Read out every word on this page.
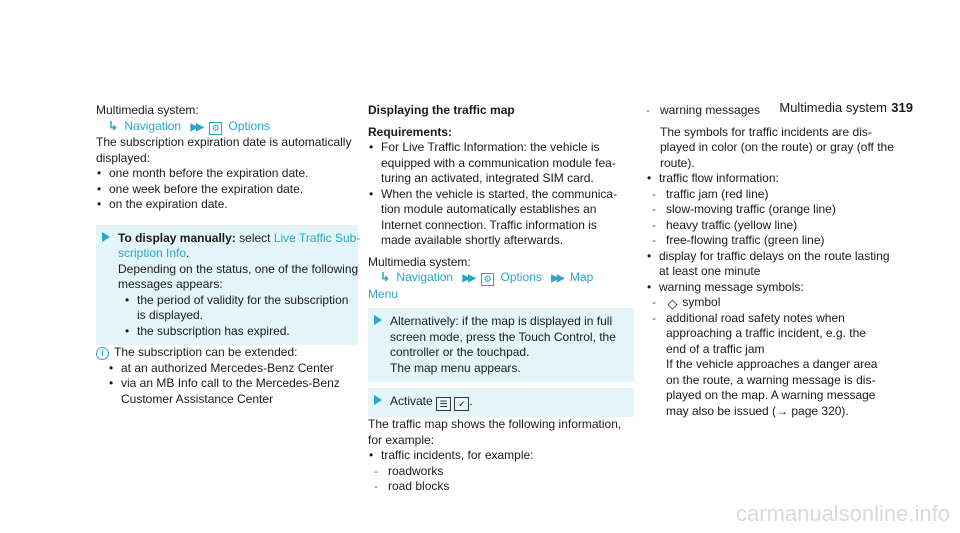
Multimedia system 319
Multimedia system:
↳ Navigation ▶▶ ⚙ Options
The subscription expiration date is automatically
displayed:
• one month before the expiration date.
• one week before the expiration date.
• on the expiration date.
To display manually: select Live Traffic Sub-
scription Info.
Depending on the status, one of the following
messages appears:
• the period of validity for the subscription
is displayed.
• the subscription has expired.
i The subscription can be extended:
• at an authorized Mercedes-Benz Center
• via an MB Info call to the Mercedes-Benz
Customer Assistance Center
Displaying the traffic map
Requirements:
• For Live Traffic Information: the vehicle is
equipped with a communication module fea-
turing an activated, integrated SIM card.
• When the vehicle is started, the communica-
tion module automatically establishes an
Internet connection. Traffic information is
made available shortly afterwards.
Multimedia system:
↳ Navigation ▶▶ ⚙ Options ▶▶ Map
Menu
Alternatively: if the map is displayed in full
screen mode, press the Touch Control, the
controller or the touchpad.
The map menu appears.
Activate ☰ ✓ .
The traffic map shows the following information,
for example:
• traffic incidents, for example:
- roadworks
- road blocks
- warning messages
The symbols for traffic incidents are dis-
played in color (on the route) or gray (off the
route).
• traffic flow information:
- traffic jam (red line)
- slow-moving traffic (orange line)
- heavy traffic (yellow line)
- free-flowing traffic (green line)
• display for traffic delays on the route lasting
at least one minute
• warning message symbols:
- ◇ symbol
- additional road safety notes when
approaching a traffic incident, e.g. the
end of a traffic jam
If the vehicle approaches a danger area
on the route, a warning message is dis-
played on the map. A warning message
may also be issued (→ page 320).
carmanualsonline.info
